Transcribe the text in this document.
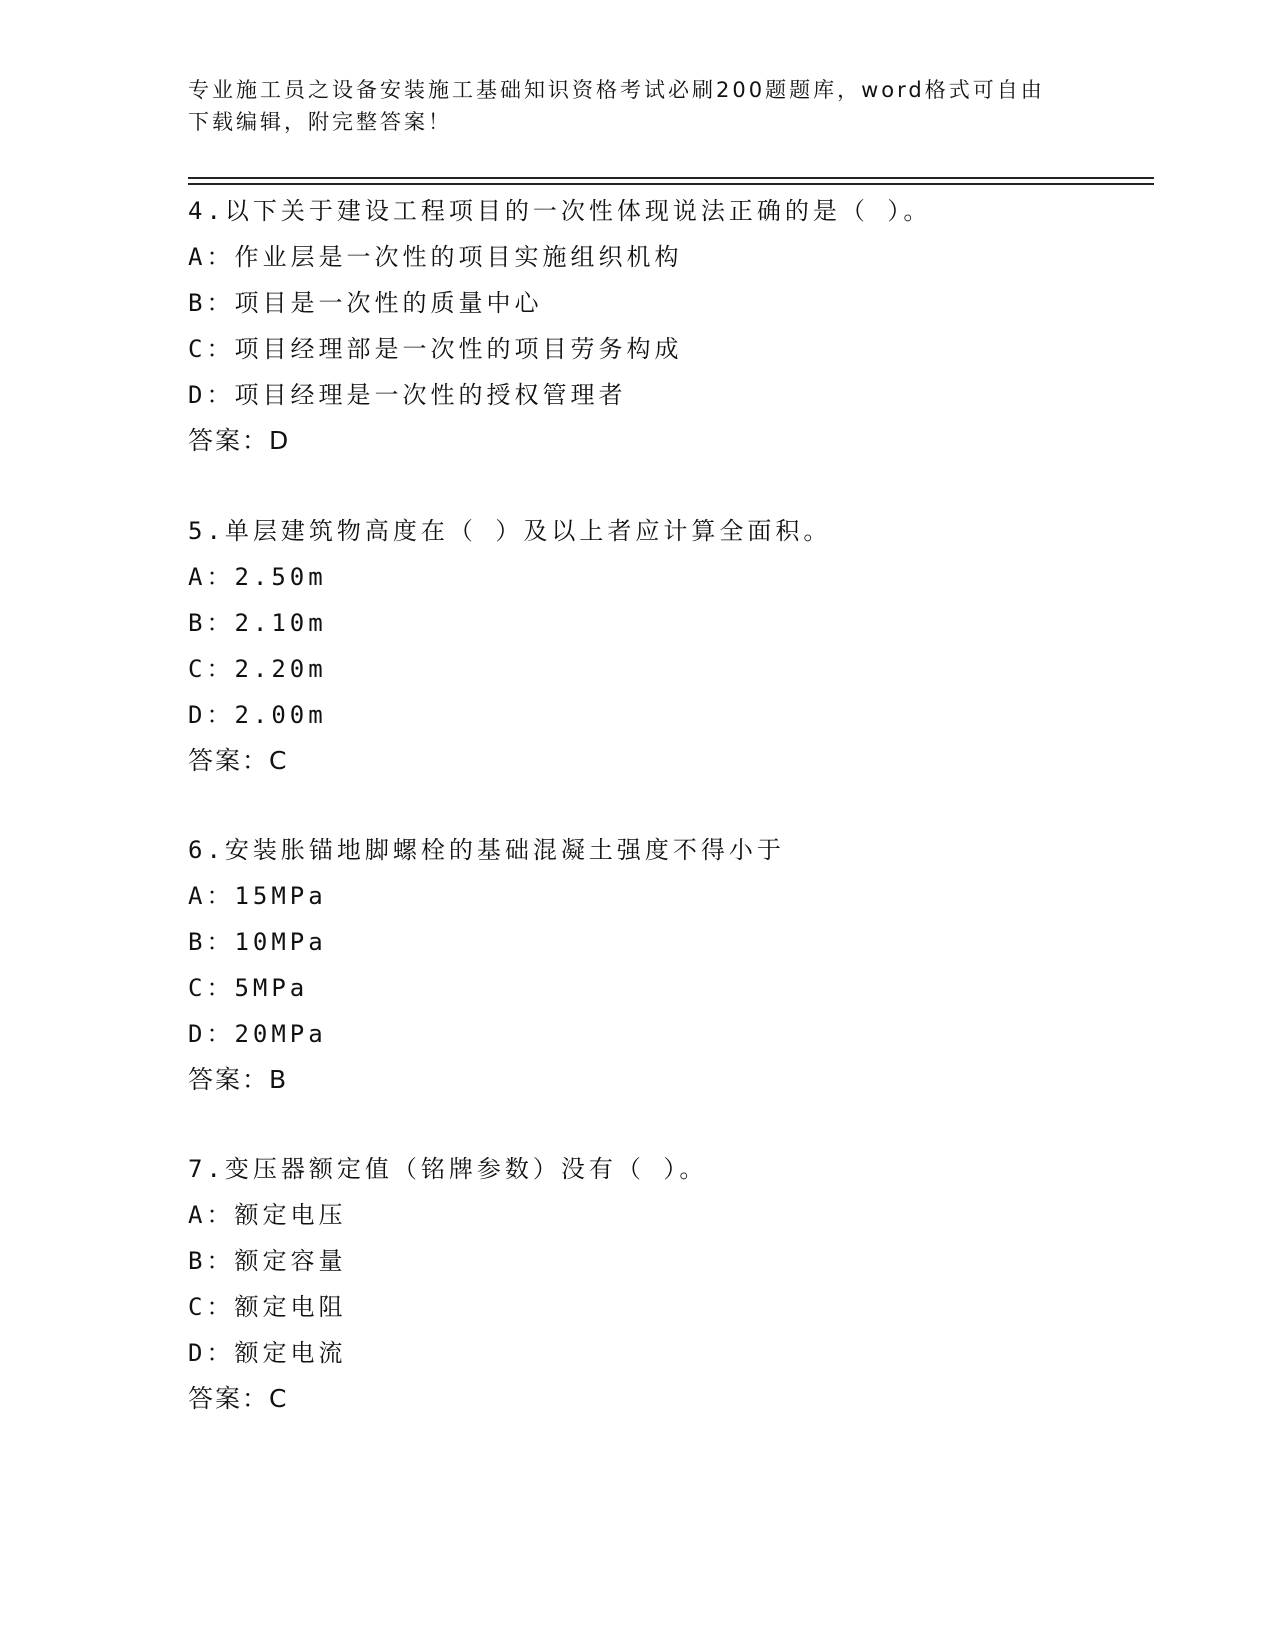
专业施工员之设备安装施工基础知识资格考试必刷200题题库，word格式可自由
下载编辑，附完整答案！
4.以下关于建设工程项目的一次性体现说法正确的是（ ）。
A：作业层是一次性的项目实施组织机构
B：项目是一次性的质量中心
C：项目经理部是一次性的项目劳务构成
D：项目经理是一次性的授权管理者
答案：D
5.单层建筑物高度在（ ）及以上者应计算全面积。
A：2.50m
B：2.10m
C：2.20m
D：2.00m
答案：C
6.安装胀锚地脚螺栓的基础混凝土强度不得小于
A：15MPa
B：10MPa
C：5MPa
D：20MPa
答案：B
7.变压器额定值（铭牌参数）没有（ ）。
A：额定电压
B：额定容量
C：额定电阻
D：额定电流
答案：C
